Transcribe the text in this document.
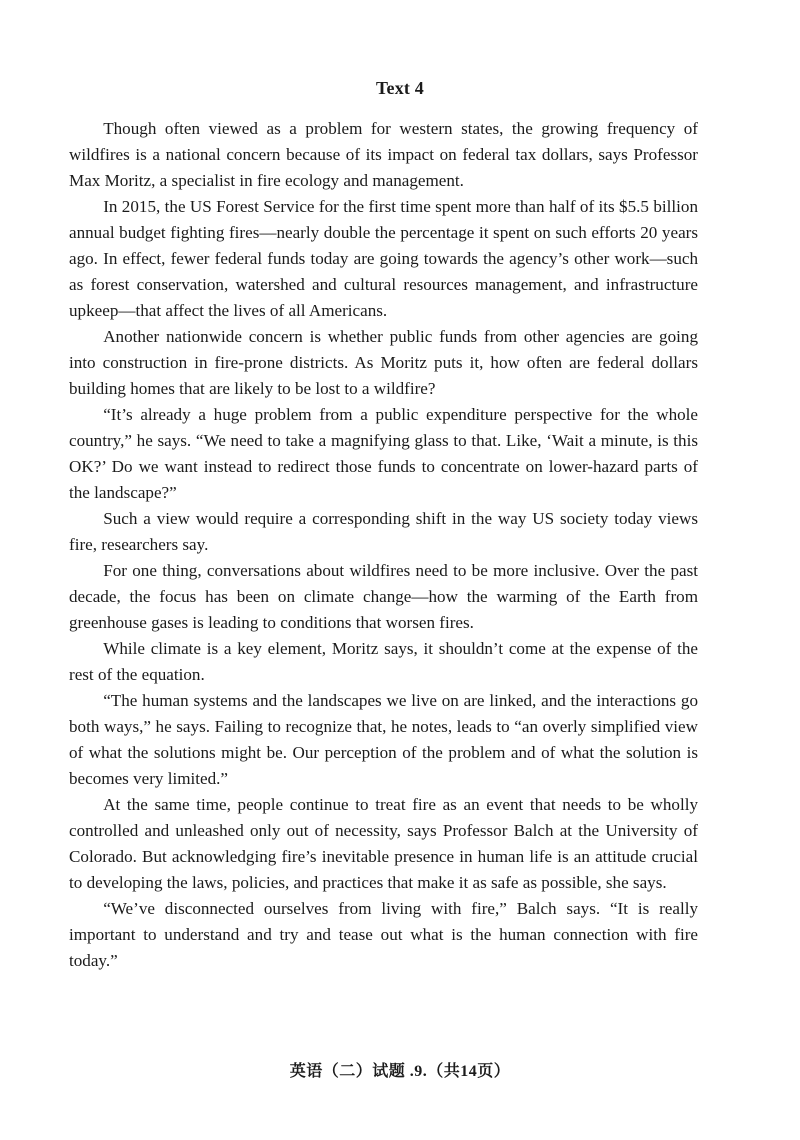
Text 4

Though often viewed as a problem for western states, the growing frequency of wildfires is a national concern because of its impact on federal tax dollars, says Professor Max Moritz, a specialist in fire ecology and management.

In 2015, the US Forest Service for the first time spent more than half of its $5.5 billion annual budget fighting fires—nearly double the percentage it spent on such efforts 20 years ago. In effect, fewer federal funds today are going towards the agency’s other work—such as forest conservation, watershed and cultural resources management, and infrastructure upkeep—that affect the lives of all Americans.

Another nationwide concern is whether public funds from other agencies are going into construction in fire-prone districts. As Moritz puts it, how often are federal dollars building homes that are likely to be lost to a wildfire?

“It’s already a huge problem from a public expenditure perspective for the whole country,” he says. “We need to take a magnifying glass to that. Like, ‘Wait a minute, is this OK?’ Do we want instead to redirect those funds to concentrate on lower-hazard parts of the landscape?”

Such a view would require a corresponding shift in the way US society today views fire, researchers say.

For one thing, conversations about wildfires need to be more inclusive. Over the past decade, the focus has been on climate change—how the warming of the Earth from greenhouse gases is leading to conditions that worsen fires.

While climate is a key element, Moritz says, it shouldn’t come at the expense of the rest of the equation.

“The human systems and the landscapes we live on are linked, and the interactions go both ways,” he says. Failing to recognize that, he notes, leads to “an overly simplified view of what the solutions might be. Our perception of the problem and of what the solution is becomes very limited.”

At the same time, people continue to treat fire as an event that needs to be wholly controlled and unleashed only out of necessity, says Professor Balch at the University of Colorado. But acknowledging fire’s inevitable presence in human life is an attitude crucial to developing the laws, policies, and practices that make it as safe as possible, she says.

“We’ve disconnected ourselves from living with fire,” Balch says. “It is really important to understand and try and tease out what is the human connection with fire today.”

英语（二）试题 .9.（共14页）
